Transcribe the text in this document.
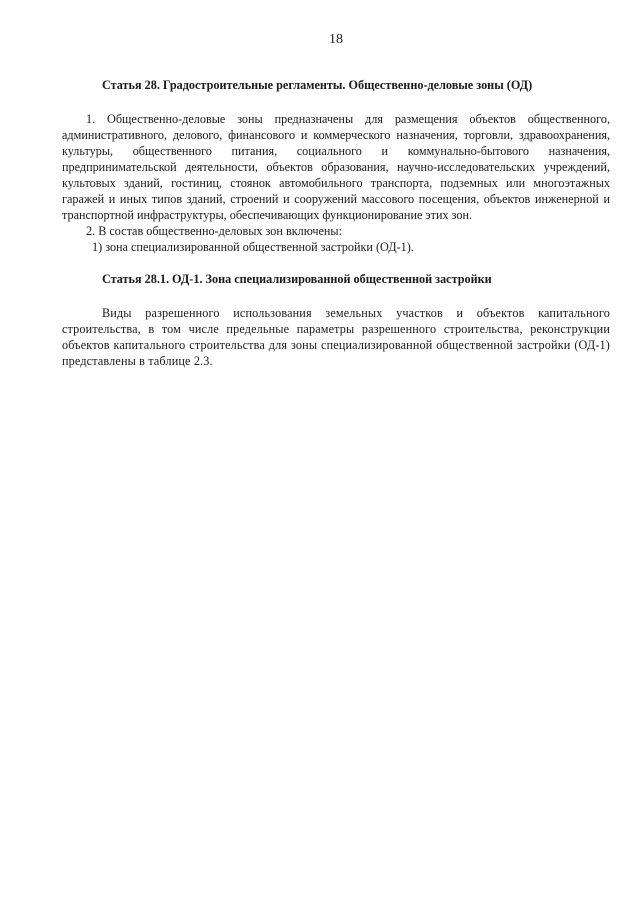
18

Статья 28. Градостроительные регламенты. Общественно-деловые зоны (ОД)

1. Общественно-деловые зоны предназначены для размещения объектов общественного, административного, делового, финансового и коммерческого назначения, торговли, здравоохранения, культуры, общественного питания, социального и коммунально-бытового назначения, предпринимательской деятельности, объектов образования, научно-исследовательских учреждений, культовых зданий, гостиниц, стоянок автомобильного транспорта, подземных или многоэтажных гаражей и иных типов зданий, строений и сооружений массового посещения, объектов инженерной и транспортной инфраструктуры, обеспечивающих функционирование этих зон.

2. В состав общественно-деловых зон включены:

1) зона специализированной общественной застройки (ОД-1).

Статья 28.1. ОД-1. Зона специализированной общественной застройки

Виды разрешенного использования земельных участков и объектов капитального строительства, в том числе предельные параметры разрешенного строительства, реконструкции объектов капитального строительства для зоны специализированной общественной застройки (ОД-1) представлены в таблице 2.3.
